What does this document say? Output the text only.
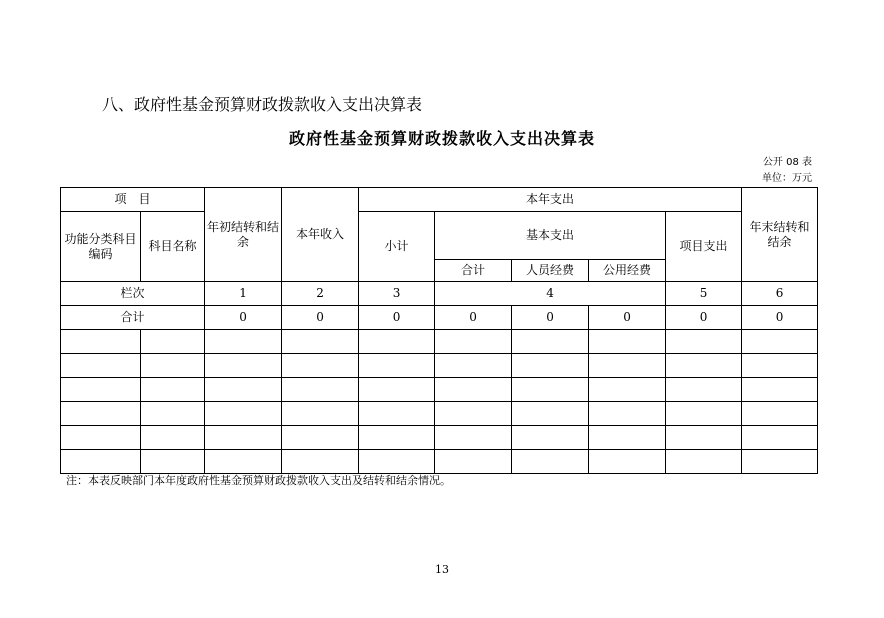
八、政府性基金预算财政拨款收入支出决算表
政府性基金预算财政拨款收入支出决算表
公开 08 表
单位：万元
项　目		年初结转和结余	本年收入	本年支出					年末结转和结余
功能分类科目编码	科目名称			小计	基本支出			项目支出	
					合计	人员经费	公用经费		
栏次		1	2	3	4			5	6
合计		0	0	0	0	0	0	0	0

注：本表反映部门本年度政府性基金预算财政拨款收入支出及结转和结余情况。
13
